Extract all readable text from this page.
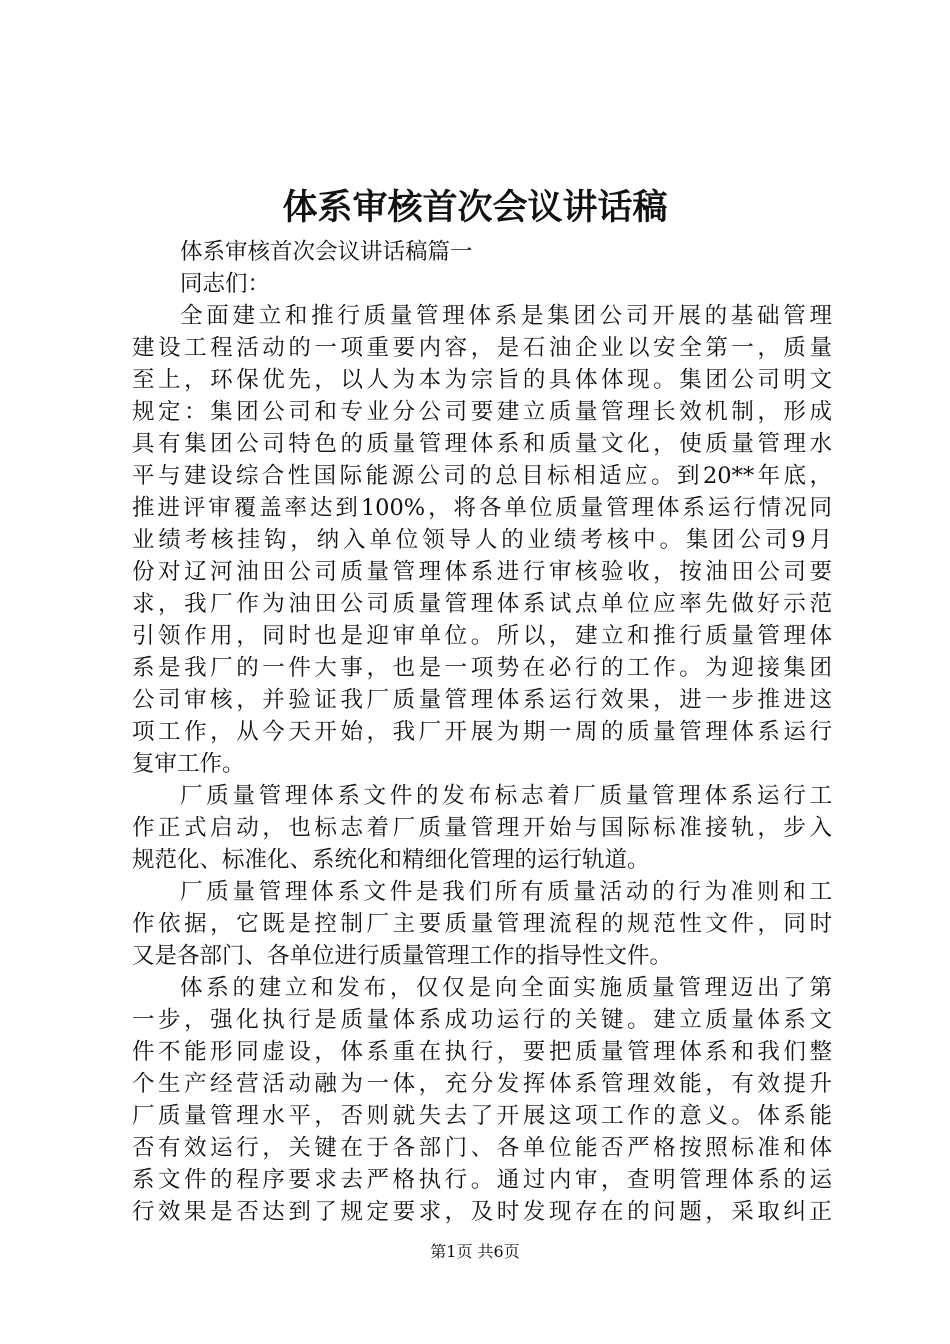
体系审核首次会议讲话稿
体系审核首次会议讲话稿篇一
同志们：
全面建立和推行质量管理体系是集团公司开展的基础管理
建设工程活动的一项重要内容，是石油企业以安全第一，质量
至上，环保优先，以人为本为宗旨的具体体现。集团公司明文
规定：集团公司和专业分公司要建立质量管理长效机制，形成
具有集团公司特色的质量管理体系和质量文化，使质量管理水
平与建设综合性国际能源公司的总目标相适应。到20**年底，
推进评审覆盖率达到100%，将各单位质量管理体系运行情况同
业绩考核挂钩，纳入单位领导人的业绩考核中。集团公司9月
份对辽河油田公司质量管理体系进行审核验收，按油田公司要
求，我厂作为油田公司质量管理体系试点单位应率先做好示范
引领作用，同时也是迎审单位。所以，建立和推行质量管理体
系是我厂的一件大事，也是一项势在必行的工作。为迎接集团
公司审核，并验证我厂质量管理体系运行效果，进一步推进这
项工作，从今天开始，我厂开展为期一周的质量管理体系运行
复审工作。
厂质量管理体系文件的发布标志着厂质量管理体系运行工
作正式启动，也标志着厂质量管理开始与国际标准接轨，步入
规范化、标准化、系统化和精细化管理的运行轨道。
厂质量管理体系文件是我们所有质量活动的行为准则和工
作依据，它既是控制厂主要质量管理流程的规范性文件，同时
又是各部门、各单位进行质量管理工作的指导性文件。
体系的建立和发布，仅仅是向全面实施质量管理迈出了第
一步，强化执行是质量体系成功运行的关键。建立质量体系文
件不能形同虚设，体系重在执行，要把质量管理体系和我们整
个生产经营活动融为一体，充分发挥体系管理效能，有效提升
厂质量管理水平，否则就失去了开展这项工作的意义。体系能
否有效运行，关键在于各部门、各单位能否严格按照标准和体
系文件的程序要求去严格执行。通过内审，查明管理体系的运
行效果是否达到了规定要求，及时发现存在的问题，采取纠正
第1页 共6页
